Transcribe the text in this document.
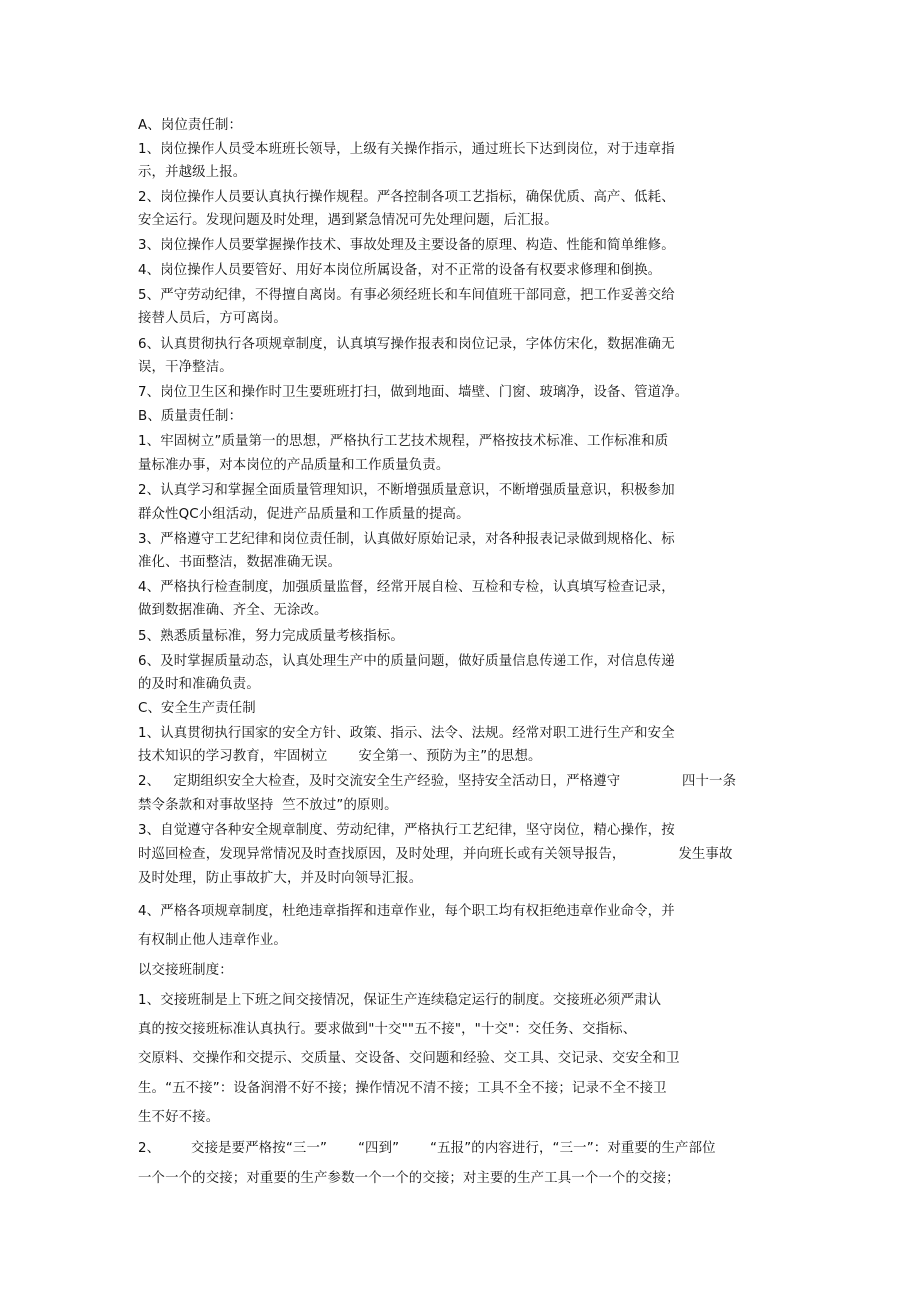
A、岗位责任制：
1、岗位操作人员受本班班长领导，上级有关操作指示，通过班长下达到岗位，对于违章指
示，并越级上报。
2、岗位操作人员要认真执行操作规程。严各控制各项工艺指标，确保优质、高产、低耗、
安全运行。发现问题及时处理，遇到紧急情况可先处理问题，后汇报。
3、岗位操作人员要掌握操作技术、事故处理及主要设备的原理、构造、性能和简单维修。
4、岗位操作人员要管好、用好本岗位所属设备，对不正常的设备有权要求修理和倒换。
5、严守劳动纪律，不得擅自离岗。有事必须经班长和车间值班干部同意，把工作妥善交给
接替人员后，方可离岗。
6、认真贯彻执行各项规章制度，认真填写操作报表和岗位记录，字体仿宋化，数据准确无
误，干净整洁。
7、岗位卫生区和操作时卫生要班班打扫，做到地面、墙壁、门窗、玻璃净，设备、管道净。
B、质量责任制：
1、牢固树立”质量第一的思想，严格执行工艺技术规程，严格按技术标准、工作标准和质
量标准办事，对本岗位的产品质量和工作质量负责。
2、认真学习和掌握全面质量管理知识，不断增强质量意识，不断增强质量意识，积极参加
群众性QC小组活动，促进产品质量和工作质量的提高。
3、严格遵守工艺纪律和岗位责任制，认真做好原始记录，对各种报表记录做到规格化、标
准化、书面整洁，数据准确无误。
4、严格执行检查制度，加强质量监督，经常开展自检、互检和专检，认真填写检查记录，
做到数据准确、齐全、无涂改。
5、熟悉质量标准，努力完成质量考核指标。
6、及时掌握质量动态，认真处理生产中的质量问题，做好质量信息传递工作，对信息传递
的及时和准确负责。
C、安全生产责任制
1、认真贯彻执行国家的安全方针、政策、指示、法令、法规。经常对职工进行生产和安全
技术知识的学习教育，牢固树立       安全第一、预防为主”的思想。
2、   定期组织安全大检查，及时交流安全生产经验，坚持安全活动日，严格遵守              四十一条
禁令条款和对事故坚持  竺不放过”的原则。
3、自觉遵守各种安全规章制度、劳动纪律，严格执行工艺纪律，坚守岗位，精心操作，按
时巡回检查，发现异常情况及时查找原因，及时处理，并向班长或有关领导报告，            发生事故
及时处理，防止事故扩大，并及时向领导汇报。
4、严格各项规章制度，杜绝违章指挥和违章作业，每个职工均有权拒绝违章作业命令，并
有权制止他人违章作业。
以交接班制度：
1、交接班制是上下班之间交接情况，保证生产连续稳定运行的制度。交接班必须严肃认
真的按交接班标准认真执行。要求做到"十交""五不接"，"十交"：交任务、交指标、
交原料、交操作和交提示、交质量、交设备、交问题和经验、交工具、交记录、交安全和卫
生。“五不接”：设备润滑不好不接；操作情况不清不接；工具不全不接；记录不全不接卫
生不好不接。
2、       交接是要严格按“三一”       “四到”       “五报”的内容进行，“三一”：对重要的生产部位
一个一个的交接；对重要的生产参数一个一个的交接；对主要的生产工具一个一个的交接；
